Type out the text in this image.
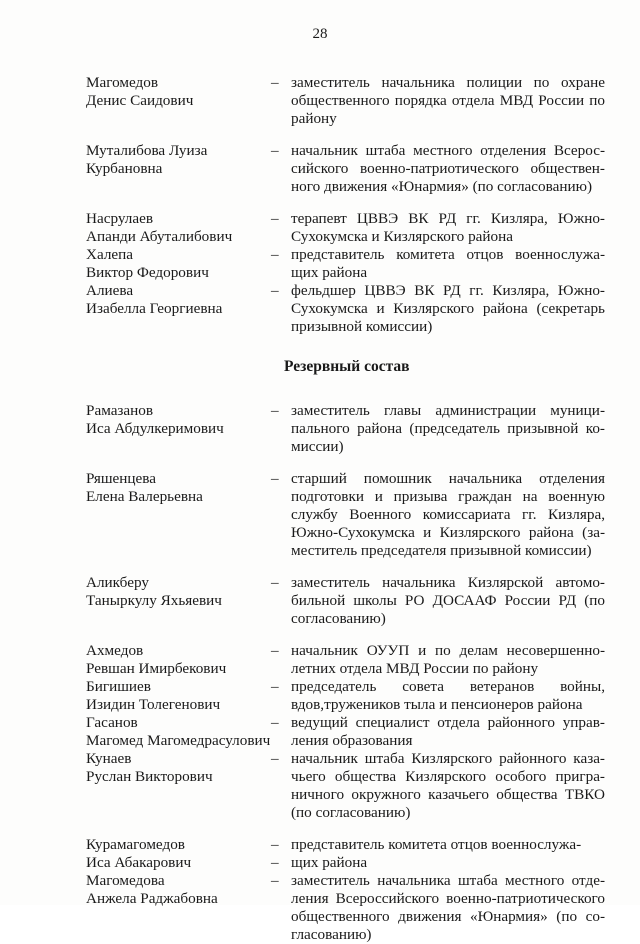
28
Магомедов
Денис Саидович
– заместитель начальника полиции по охране
общественного порядка отдела МВД России по
району
Муталибова Луиза
Курбановна
– начальник штаба местного отделения Всерос-
сийского военно-патриотического обществен-
ного движения «Юнармия» (по согласованию)
Насрулаев
Апанди Абуталибович
– терапевт ЦВВЭ ВК РД гг. Кизляра, Южно-
Сухокумска и Кизлярского района
Халепа
Виктор Федорович
– представитель комитета отцов военнослужа-
щих района
Алиева
Изабелла Георгиевна
– фельдшер ЦВВЭ ВК РД гг. Кизляра, Южно-
Сухокумска и Кизлярского района (секретарь
призывной комиссии)
Резервный состав
Рамазанов
Иса Абдулкеримович
– заместитель главы администрации муници-
пального района (председатель призывной ко-
миссии)
Ряшенцева
Елена Валерьевна
– старший помошник начальника отделения
подготовки и призыва граждан на военную
службу Военного комиссариата гг. Кизляра,
Южно-Сухокумска и Кизлярского района (за-
меститель председателя призывной комиссии)
Аликберу
Таныркулу Яхьяевич
– заместитель начальника Кизлярской автомо-
бильной школы РО ДОСААФ России РД (по
согласованию)
Ахмедов
Ревшан Имирбекович
– начальник ОУУП и по делам несовершенно-
летних отдела МВД России по району
Бигишиев
Изидин Толегенович
– председатель совета ветеранов войны,
вдов,тружеников тыла и пенсионеров района
Гасанов
Магомед Магомедрасулович
– ведущий специалист отдела районного управ-
ления образования
Кунаев
Руслан Викторович
– начальник штаба Кизлярского районного каза-
чьего общества Кизлярского особого пригра-
ничного окружного казачьего общества ТВКО
(по согласованию)
Курамагомедов
Иса Абакарович
Магомедова
Анжела Раджабовна
–
–
–
представитель комитета отцов военнослужа-
щих района
заместитель начальника штаба местного отде-
ления Всероссийского военно-патриотического
общественного движения «Юнармия» (по со-
гласованию)
